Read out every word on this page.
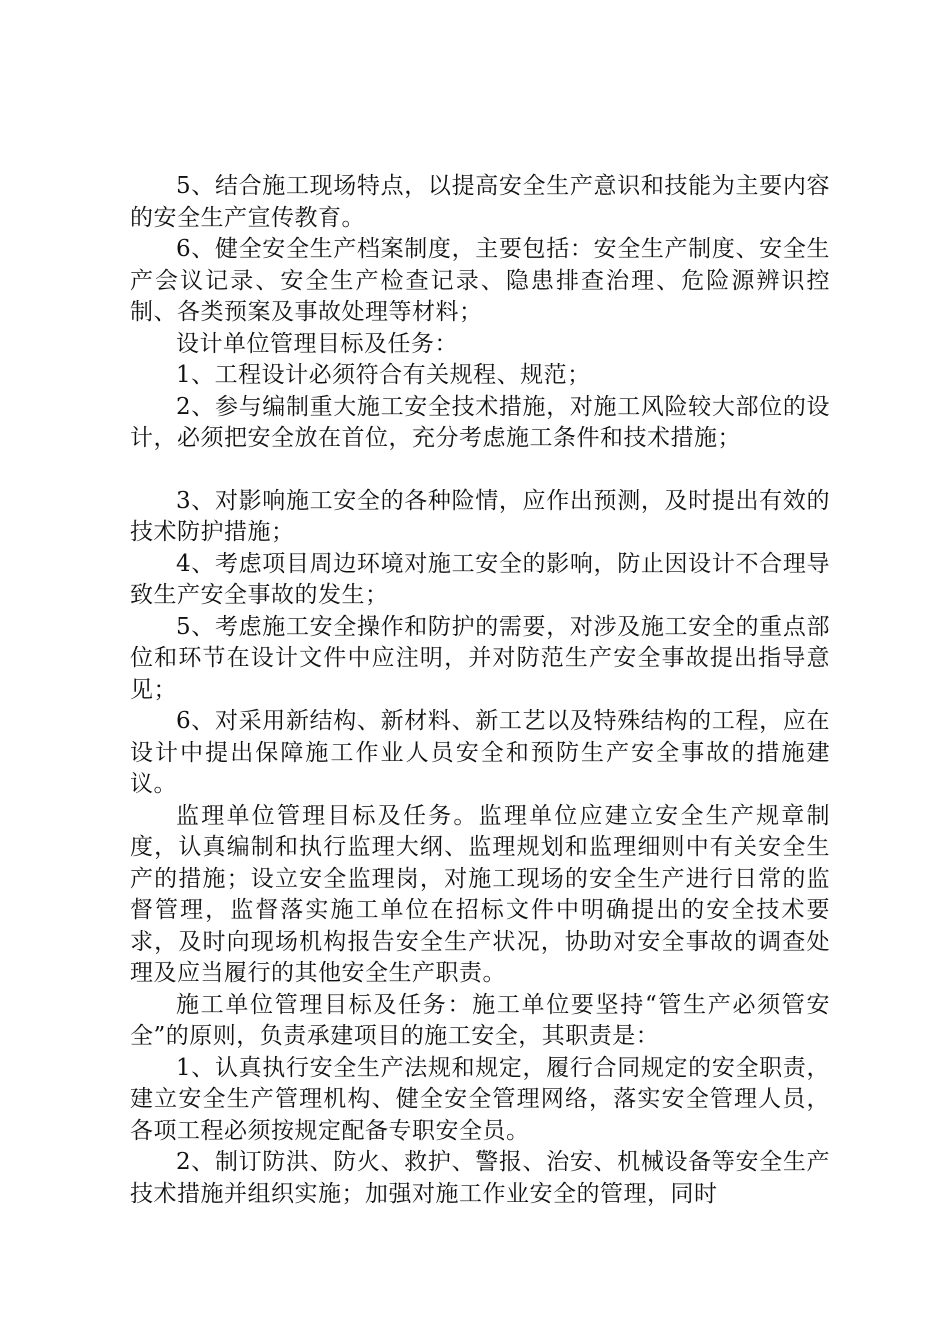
5、结合施工现场特点，以提高安全生产意识和技能为主要内容的安全生产宣传教育。

6、健全安全生产档案制度，主要包括：安全生产制度、安全生产会议记录、安全生产检查记录、隐患排查治理、危险源辨识控制、各类预案及事故处理等材料；

设计单位管理目标及任务：

1、工程设计必须符合有关规程、规范；

2、参与编制重大施工安全技术措施，对施工风险较大部位的设计，必须把安全放在首位，充分考虑施工条件和技术措施；

3、对影响施工安全的各种险情，应作出预测，及时提出有效的技术防护措施；

4、考虑项目周边环境对施工安全的影响，防止因设计不合理导致生产安全事故的发生；

5、考虑施工安全操作和防护的需要，对涉及施工安全的重点部位和环节在设计文件中应注明，并对防范生产安全事故提出指导意见；

6、对采用新结构、新材料、新工艺以及特殊结构的工程，应在设计中提出保障施工作业人员安全和预防生产安全事故的措施建议。

监理单位管理目标及任务。监理单位应建立安全生产规章制度，认真编制和执行监理大纲、监理规划和监理细则中有关安全生产的措施；设立安全监理岗，对施工现场的安全生产进行日常的监督管理，监督落实施工单位在招标文件中明确提出的安全技术要求，及时向现场机构报告安全生产状况，协助对安全事故的调查处理及应当履行的其他安全生产职责。

施工单位管理目标及任务：施工单位要坚持“管生产必须管安全”的原则，负责承建项目的施工安全，其职责是：

1、认真执行安全生产法规和规定，履行合同规定的安全职责，建立安全生产管理机构、健全安全管理网络，落实安全管理人员，各项工程必须按规定配备专职安全员。

2、制订防洪、防火、救护、警报、治安、机械设备等安全生产技术措施并组织实施；加强对施工作业安全的管理，同时
